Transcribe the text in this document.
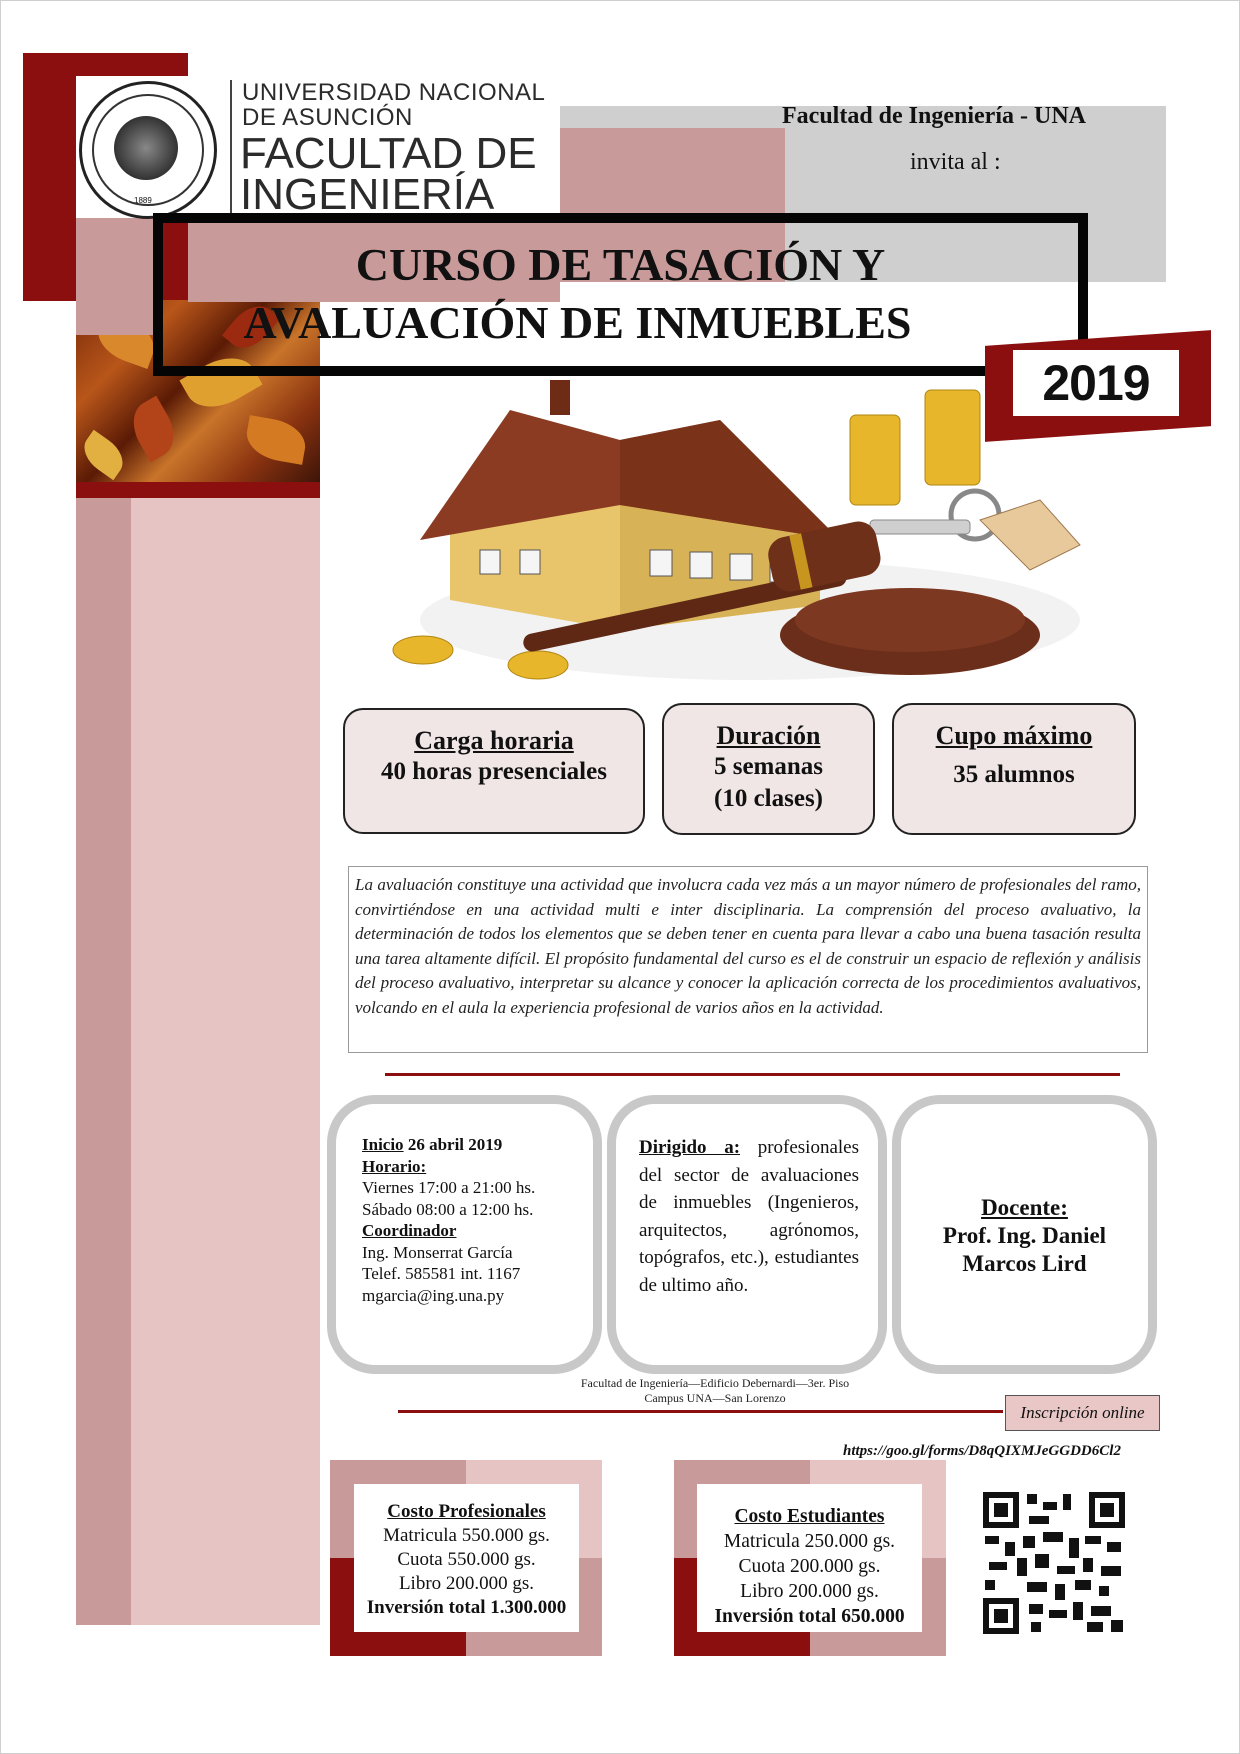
1889
UNIVERSIDAD NACIONAL
DE ASUNCIÓN
FACULTAD DE
INGENIERÍA
Facultad de Ingeniería - UNA
invita al :
CURSO DE TASACIÓN Y
AVALUACIÓN DE INMUEBLES
2019
Carga horaria
40 horas presenciales
Duración
5 semanas
(10 clases)
Cupo máximo
35 alumnos
La avaluación constituye una actividad que involucra cada vez más a un mayor número de profesionales del ramo, convirtiéndose en una actividad multi e inter disciplinaria. La comprensión del proceso avaluativo, la determinación de todos los elementos que se deben tener en cuenta para llevar a cabo una buena tasación resulta una tarea altamente difícil. El propósito fundamental del curso es el de construir un espacio de reflexión y análisis del proceso avaluativo, interpretar su alcance y conocer la aplicación correcta de los procedimientos avaluativos, volcando en el aula la experiencia profesional de varios años en la actividad.
Inicio 26 abril 2019
Horario:
Viernes 17:00 a 21:00 hs.
Sábado 08:00 a 12:00 hs.
Coordinador
Ing. Monserrat García
Telef. 585581 int. 1167
mgarcia@ing.una.py
Dirigido a: profesionales del sector de avaluaciones de inmuebles (Ingenieros, arquitectos, agrónomos, topógrafos, etc.), estudiantes de ultimo año.
Docente:
Prof. Ing. Daniel
Marcos Lird
Facultad de Ingeniería—Edificio Debernardi—3er. Piso
Campus UNA—San Lorenzo
Inscripción online
https://goo.gl/forms/D8qQIXMJeGGDD6Cl2
Costo Profesionales
Matricula 550.000 gs.
Cuota 550.000 gs.
Libro 200.000 gs.
Inversión total 1.300.000
Costo Estudiantes
Matricula 250.000 gs.
Cuota 200.000 gs.
Libro 200.000 gs.
Inversión total 650.000
